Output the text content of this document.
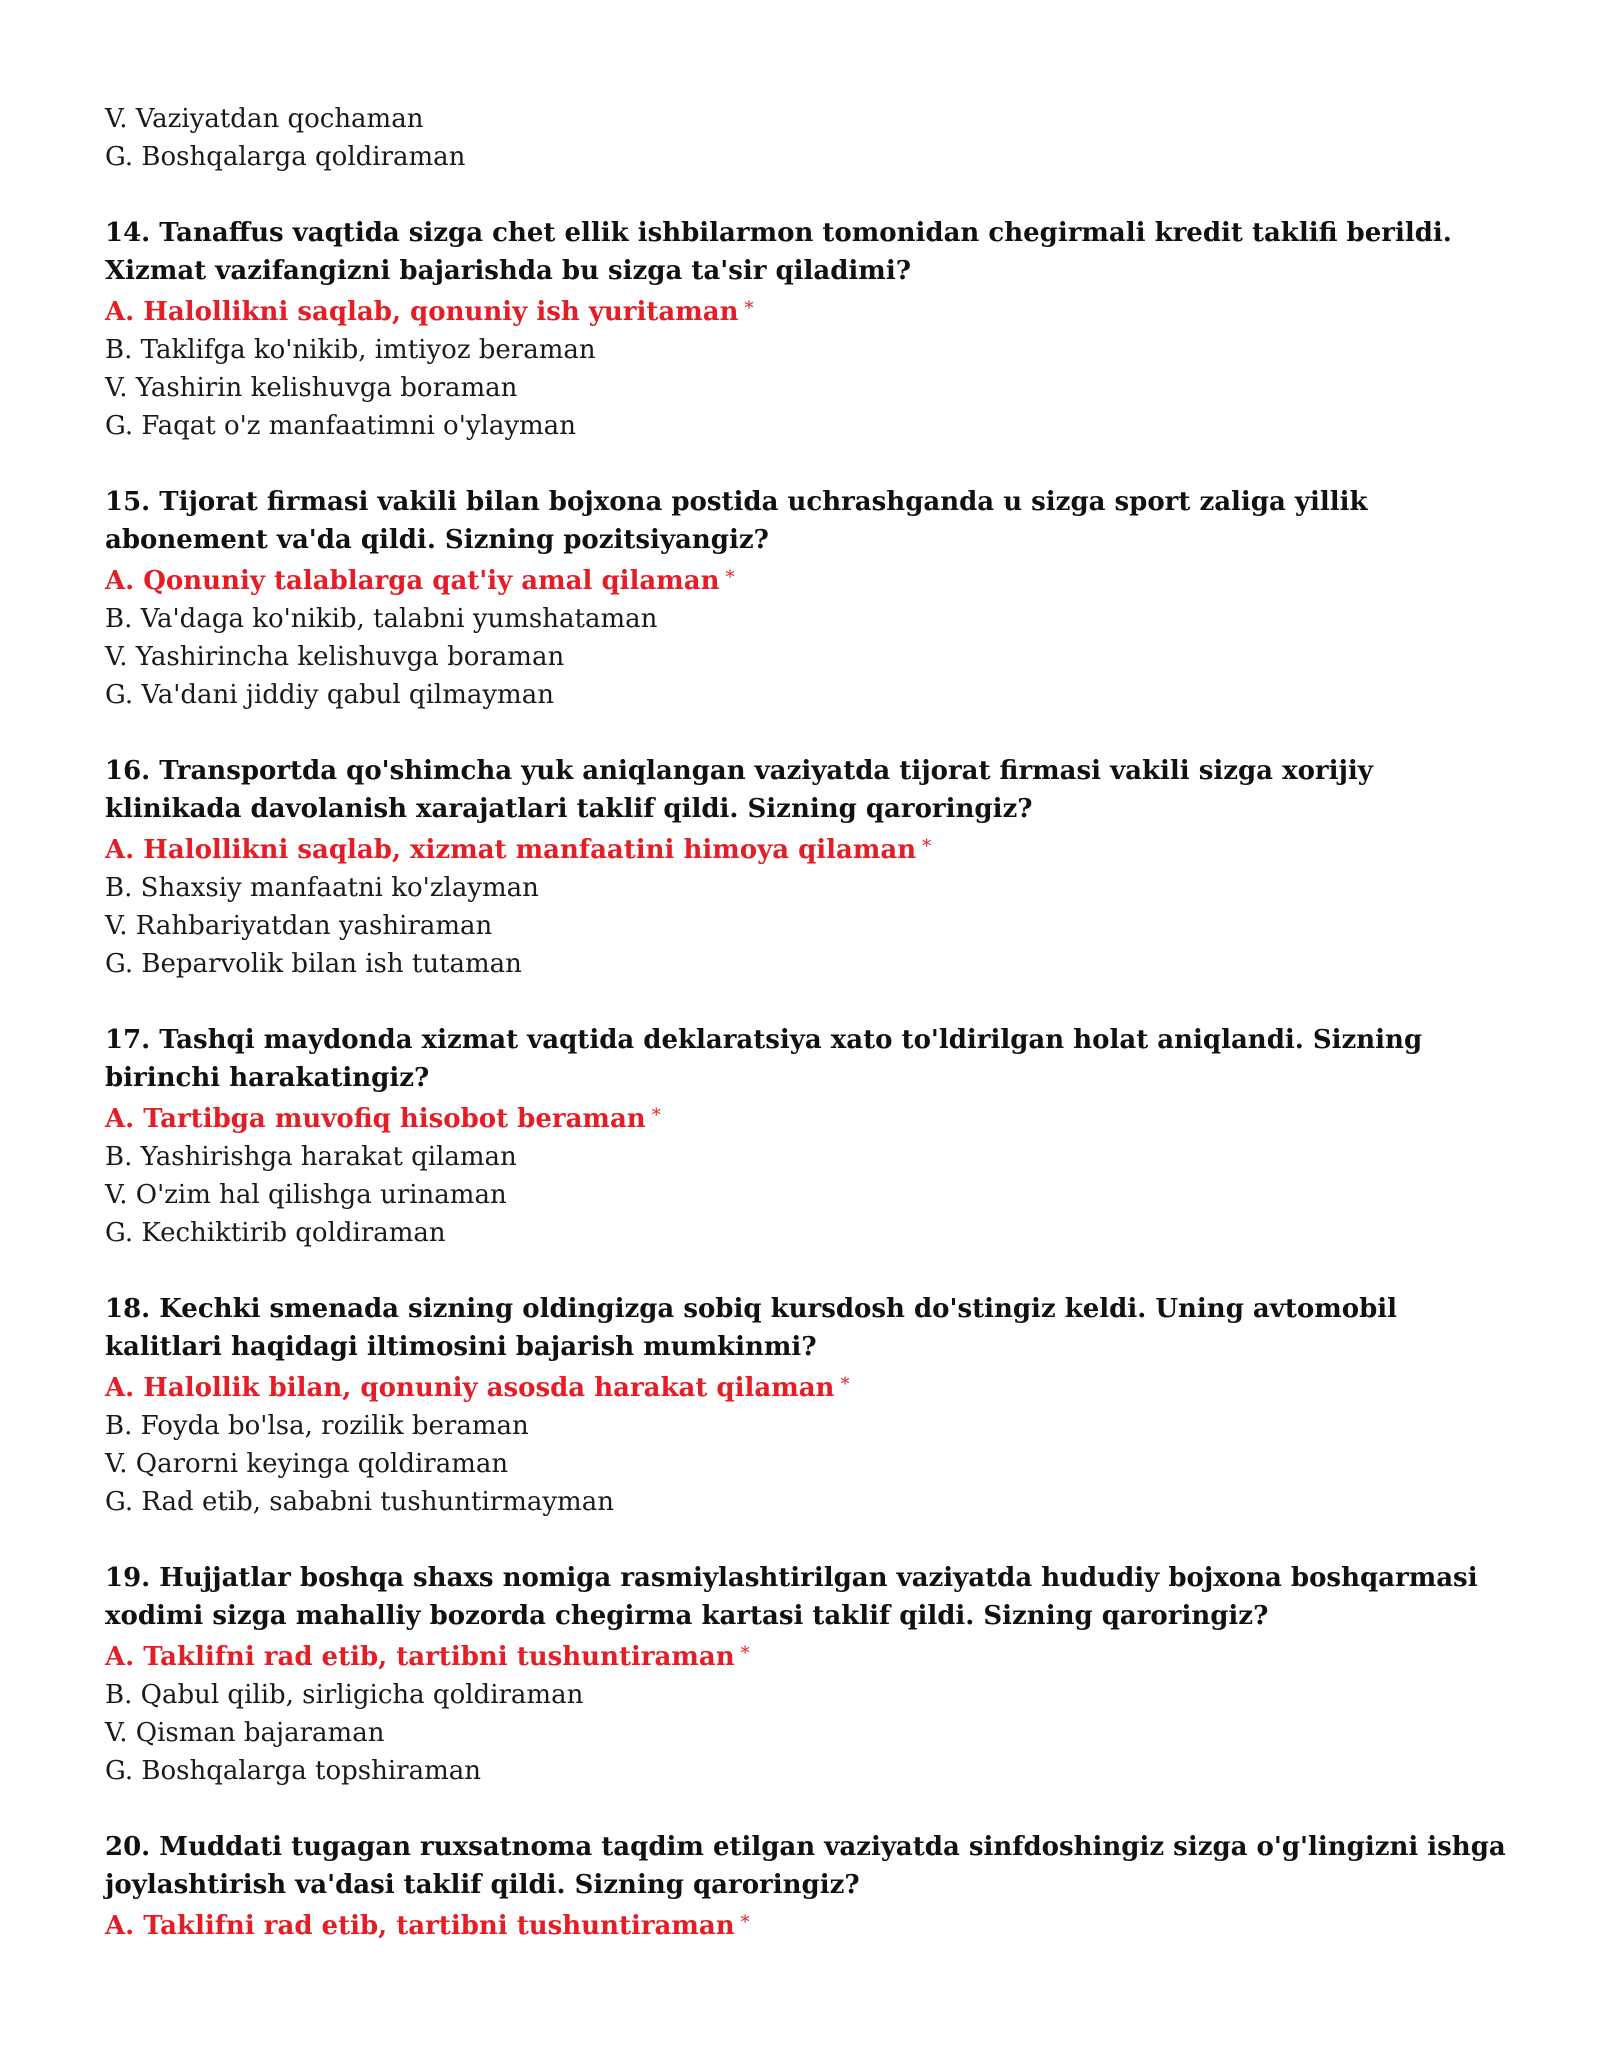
V. Vaziyatdan qochaman

G. Boshqalarga qoldiraman

14. Tanaffus vaqtida sizga chet ellik ishbilarmon tomonidan chegirmali kredit taklifi berildi. Xizmat vazifangizni bajarishda bu sizga ta'sir qiladimi?

A. Halollikni saqlab, qonuniy ish yuritaman *

B. Taklifga ko'nikib, imtiyoz beraman

V. Yashirin kelishuvga boraman

G. Faqat o'z manfaatimni o'ylayman

15. Tijorat firmasi vakili bilan bojxona postida uchrashganda u sizga sport zaliga yillik abonement va'da qildi. Sizning pozitsiyangiz?

A. Qonuniy talablarga qat'iy amal qilaman *

B. Va'daga ko'nikib, talabni yumshataman

V. Yashirincha kelishuvga boraman

G. Va'dani jiddiy qabul qilmayman

16. Transportda qo'shimcha yuk aniqlangan vaziyatda tijorat firmasi vakili sizga xorijiy klinikada davolanish xarajatlari taklif qildi. Sizning qaroringiz?

A. Halollikni saqlab, xizmat manfaatini himoya qilaman *

B. Shaxsiy manfaatni ko'zlayman

V. Rahbariyatdan yashiraman

G. Beparvolik bilan ish tutaman

17. Tashqi maydonda xizmat vaqtida deklaratsiya xato to'ldirilgan holat aniqlandi. Sizning birinchi harakatingiz?

A. Tartibga muvofiq hisobot beraman *

B. Yashirishga harakat qilaman

V. O'zim hal qilishga urinaman

G. Kechiktirib qoldiraman

18. Kechki smenada sizning oldingizga sobiq kursdosh do'stingiz keldi. Uning avtomobil kalitlari haqidagi iltimosini bajarish mumkinmi?

A. Halollik bilan, qonuniy asosda harakat qilaman *

B. Foyda bo'lsa, rozilik beraman

V. Qarorni keyinga qoldiraman

G. Rad etib, sababni tushuntirmayman

19. Hujjatlar boshqa shaxs nomiga rasmiylashtirilgan vaziyatda hududiy bojxona boshqarmasi xodimi sizga mahalliy bozorda chegirma kartasi taklif qildi. Sizning qaroringiz?

A. Taklifni rad etib, tartibni tushuntiraman *

B. Qabul qilib, sirligicha qoldiraman

V. Qisman bajaraman

G. Boshqalarga topshiraman

20. Muddati tugagan ruxsatnoma taqdim etilgan vaziyatda sinfdoshingiz sizga o'g'lingizni ishga joylashtirish va'dasi taklif qildi. Sizning qaroringiz?

A. Taklifni rad etib, tartibni tushuntiraman *
